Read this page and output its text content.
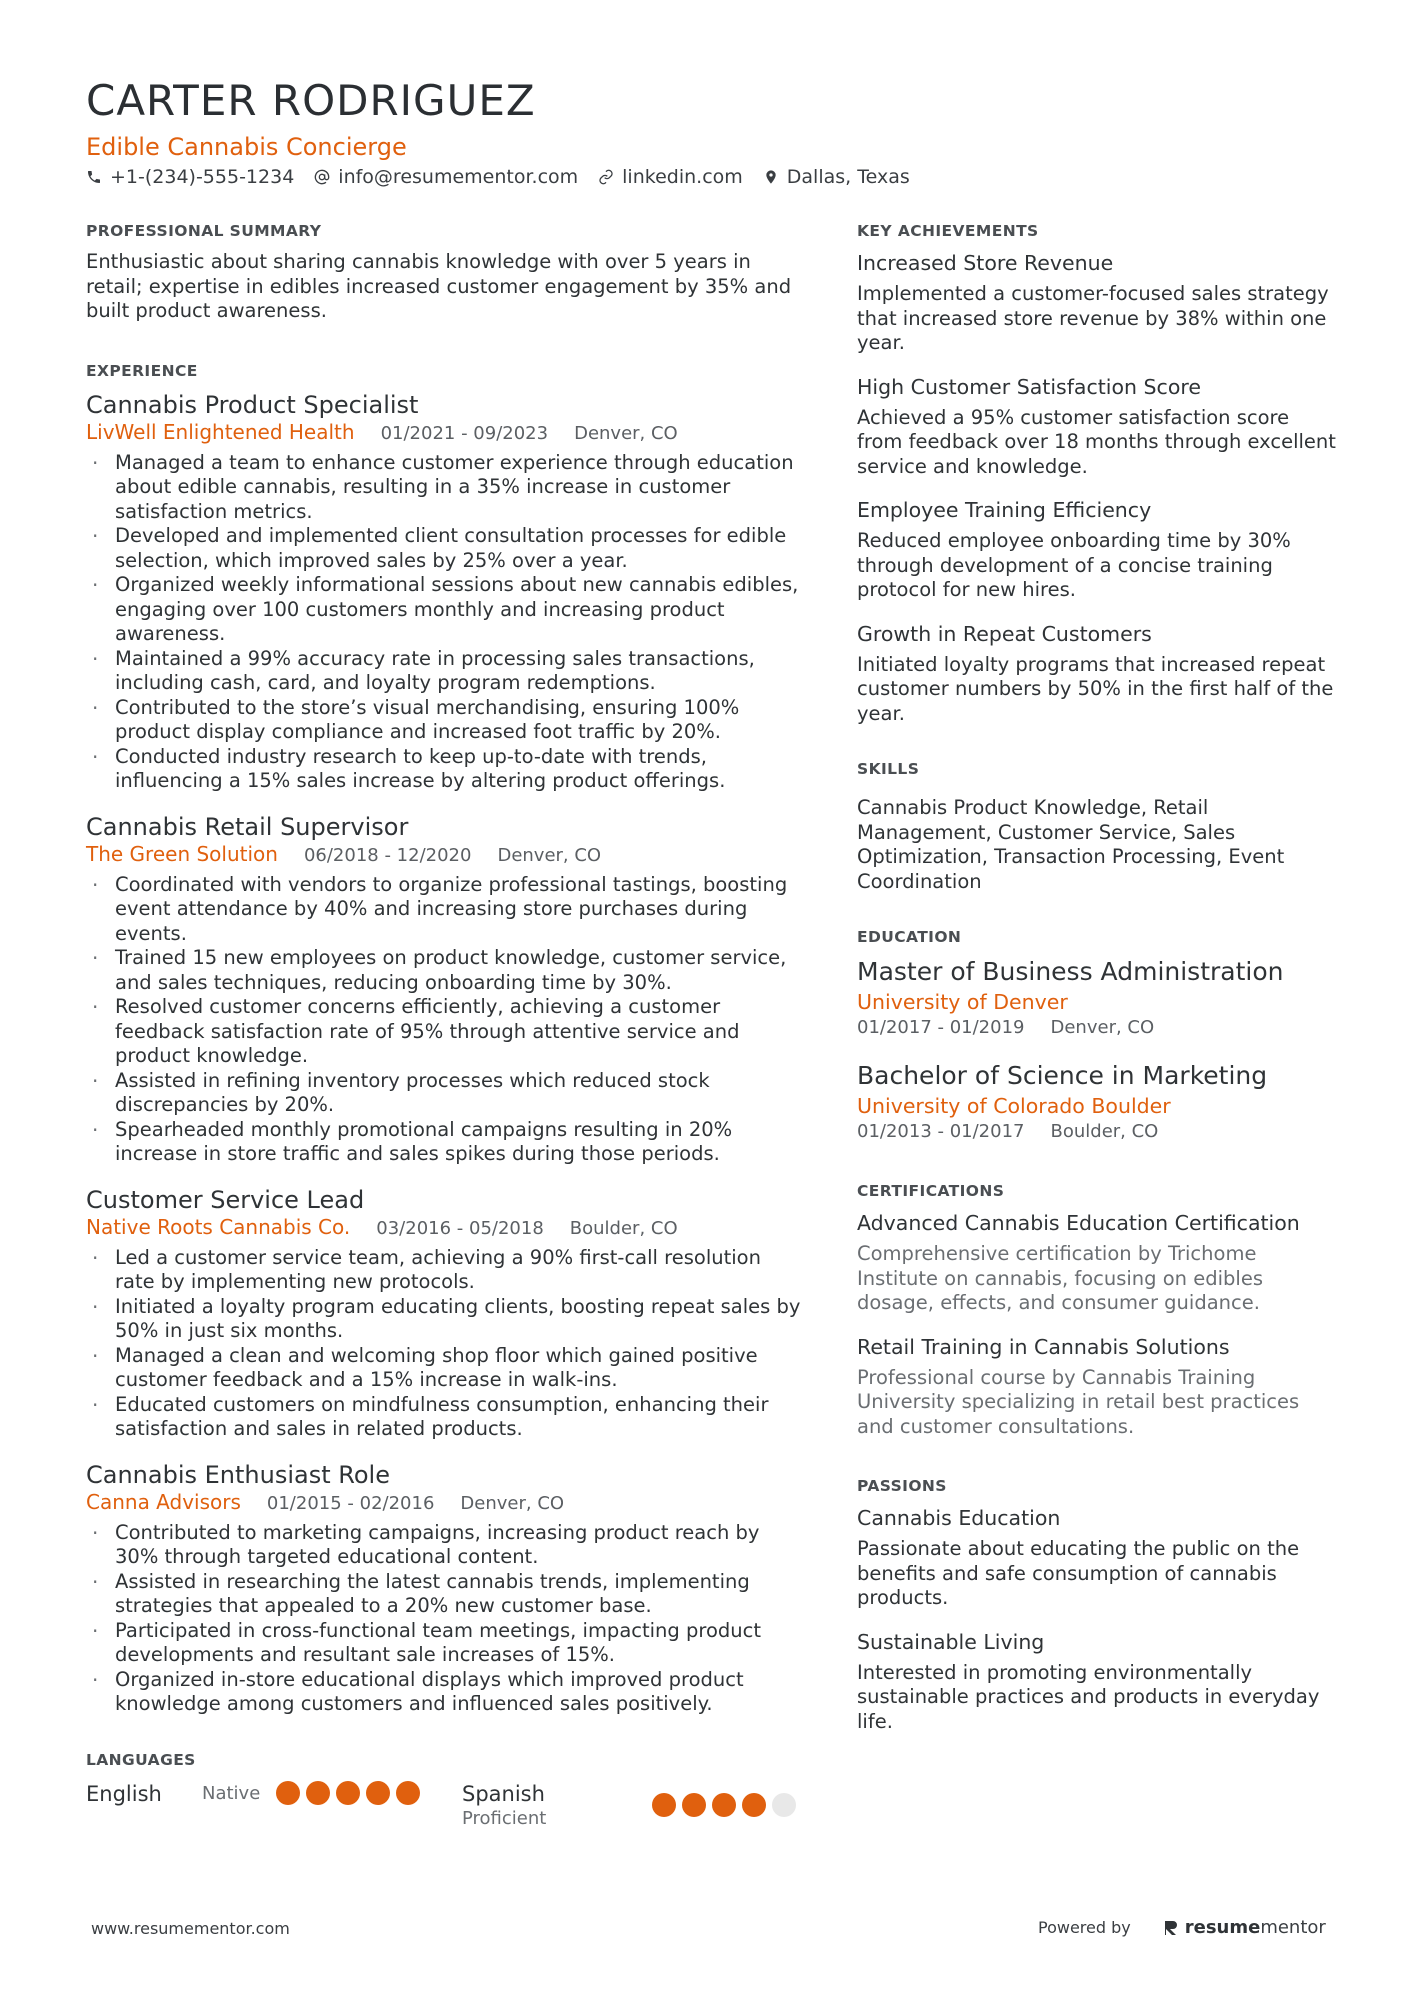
CARTER RODRIGUEZ
Edible Cannabis Concierge
+1-(234)-555-1234 info@resumementor.com linkedin.com Dallas, Texas
PROFESSIONAL SUMMARY
Enthusiastic about sharing cannabis knowledge with over 5 years in retail; expertise in edibles increased customer engagement by 35% and built product awareness.
EXPERIENCE
Cannabis Product Specialist
LivWell Enlightened Health 01/2021 - 09/2023 Denver, CO
· Managed a team to enhance customer experience through education about edible cannabis, resulting in a 35% increase in customer satisfaction metrics.
· Developed and implemented client consultation processes for edible selection, which improved sales by 25% over a year.
· Organized weekly informational sessions about new cannabis edibles, engaging over 100 customers monthly and increasing product awareness.
· Maintained a 99% accuracy rate in processing sales transactions, including cash, card, and loyalty program redemptions.
· Contributed to the store’s visual merchandising, ensuring 100% product display compliance and increased foot traffic by 20%.
· Conducted industry research to keep up-to-date with trends, influencing a 15% sales increase by altering product offerings.
Cannabis Retail Supervisor
The Green Solution 06/2018 - 12/2020 Denver, CO
· Coordinated with vendors to organize professional tastings, boosting event attendance by 40% and increasing store purchases during events.
· Trained 15 new employees on product knowledge, customer service, and sales techniques, reducing onboarding time by 30%.
· Resolved customer concerns efficiently, achieving a customer feedback satisfaction rate of 95% through attentive service and product knowledge.
· Assisted in refining inventory processes which reduced stock discrepancies by 20%.
· Spearheaded monthly promotional campaigns resulting in 20% increase in store traffic and sales spikes during those periods.
Customer Service Lead
Native Roots Cannabis Co. 03/2016 - 05/2018 Boulder, CO
· Led a customer service team, achieving a 90% first-call resolution rate by implementing new protocols.
· Initiated a loyalty program educating clients, boosting repeat sales by 50% in just six months.
· Managed a clean and welcoming shop floor which gained positive customer feedback and a 15% increase in walk-ins.
· Educated customers on mindfulness consumption, enhancing their satisfaction and sales in related products.
Cannabis Enthusiast Role
Canna Advisors 01/2015 - 02/2016 Denver, CO
· Contributed to marketing campaigns, increasing product reach by 30% through targeted educational content.
· Assisted in researching the latest cannabis trends, implementing strategies that appealed to a 20% new customer base.
· Participated in cross-functional team meetings, impacting product developments and resultant sale increases of 15%.
· Organized in-store educational displays which improved product knowledge among customers and influenced sales positively.
LANGUAGES
English	Native	Spanish
Proficient
KEY ACHIEVEMENTS
Increased Store Revenue
Implemented a customer-focused sales strategy that increased store revenue by 38% within one year.
High Customer Satisfaction Score
Achieved a 95% customer satisfaction score from feedback over 18 months through excellent service and knowledge.
Employee Training Efficiency
Reduced employee onboarding time by 30% through development of a concise training protocol for new hires.
Growth in Repeat Customers
Initiated loyalty programs that increased repeat customer numbers by 50% in the first half of the year.
SKILLS
Cannabis Product Knowledge, Retail Management, Customer Service, Sales Optimization, Transaction Processing, Event Coordination
EDUCATION
Master of Business Administration
University of Denver
01/2017 - 01/2019 Denver, CO
Bachelor of Science in Marketing
University of Colorado Boulder
01/2013 - 01/2017 Boulder, CO
CERTIFICATIONS
Advanced Cannabis Education Certification
Comprehensive certification by Trichome Institute on cannabis, focusing on edibles dosage, effects, and consumer guidance.
Retail Training in Cannabis Solutions
Professional course by Cannabis Training University specializing in retail best practices and customer consultations.
PASSIONS
Cannabis Education
Passionate about educating the public on the benefits and safe consumption of cannabis products.
Sustainable Living
Interested in promoting environmentally sustainable practices and products in everyday life.
www.resumementor.com	Powered by	resume mentor
